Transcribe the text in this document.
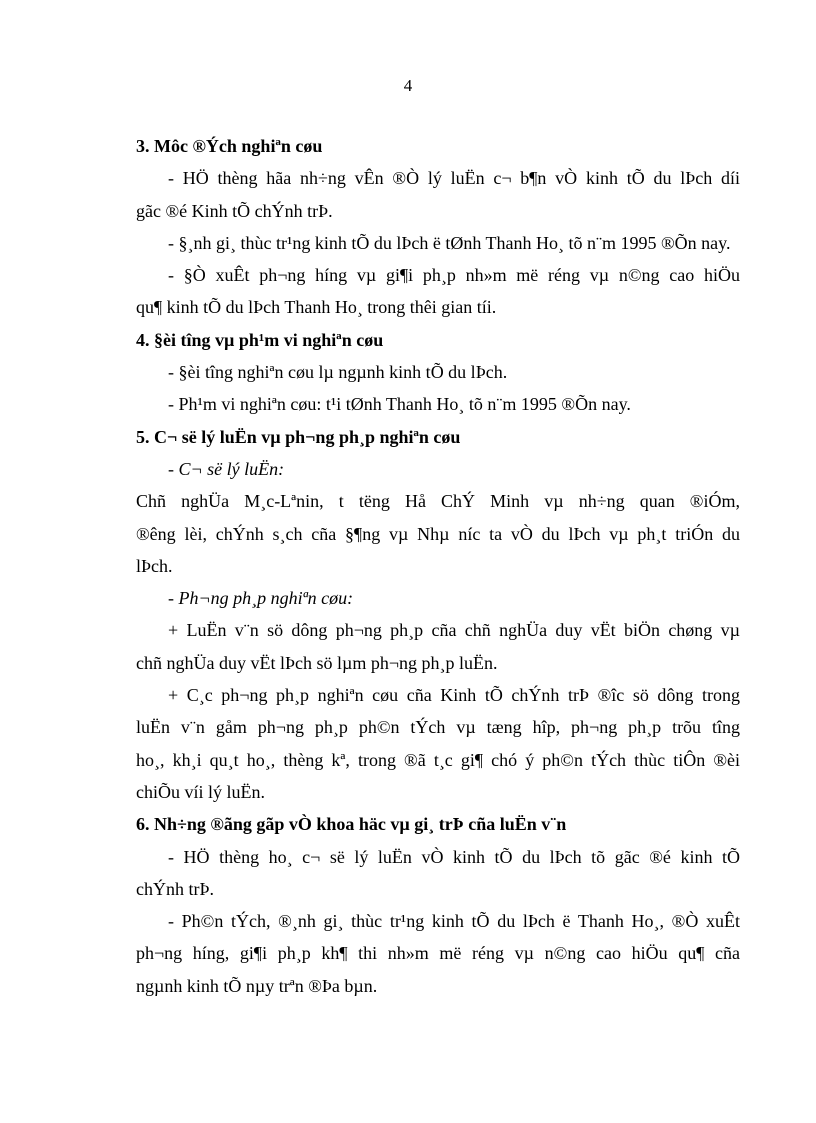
4
3. Môc ®Ých nghiªn cøu
- HÖ thèng hãa nh÷ng vÊn ®Ò lý luËn c¬ b¶n vÒ kinh tÕ du lÞch díi
gãc ®é Kinh tÕ chÝnh trÞ.
- §¸nh gi¸ thùc tr¹ng kinh tÕ du lÞch ë tØnh Thanh Ho¸ tõ n¨m 1995 ®Õn nay.
- §Ò xuÊt ph¬ng híng vµ gi¶i ph¸p nh»m më réng vµ n©ng cao hiÖu
qu¶ kinh tÕ du lÞch Thanh Ho¸ trong thêi gian tíi.
4. §èi tîng vµ ph¹m vi nghiªn cøu
- §èi tîng nghiªn cøu lµ ngµnh kinh tÕ du lÞch.
- Ph¹m vi nghiªn cøu: t¹i tØnh Thanh Ho¸ tõ n¨m 1995 ®Õn nay.
5. C¬ së lý luËn vµ ph¬ng ph¸p nghiªn cøu
- C¬ së lý luËn:
Chñ nghÜa M¸c-Lªnin, t tëng Hå ChÝ Minh vµ nh÷ng quan ®iÓm,
®êng lèi, chÝnh s¸ch cña §¶ng vµ Nhµ níc ta vÒ du lÞch vµ ph¸t triÓn du
lÞch.
- Ph¬ng ph¸p nghiªn cøu:
+ LuËn v¨n sö dông ph¬ng ph¸p cña chñ nghÜa duy vËt biÖn chøng vµ
chñ nghÜa duy vËt lÞch sö lµm ph¬ng ph¸p luËn.
+ C¸c ph¬ng ph¸p nghiªn cøu cña Kinh tÕ chÝnh trÞ ®îc sö dông trong
luËn v¨n gåm ph¬ng ph¸p ph©n tÝch vµ tæng hîp, ph¬ng ph¸p trõu tîng
ho¸, kh¸i qu¸t ho¸, thèng kª, trong ®ã t¸c gi¶ chó ý ph©n tÝch thùc tiÔn ®èi
chiÕu víi lý luËn.
6. Nh÷ng ®ãng gãp vÒ khoa häc vµ gi¸ trÞ cña luËn v¨n
- HÖ thèng ho¸ c¬ së lý luËn vÒ kinh tÕ du lÞch tõ gãc ®é kinh tÕ
chÝnh trÞ.
- Ph©n tÝch, ®¸nh gi¸ thùc tr¹ng kinh tÕ du lÞch ë Thanh Ho¸, ®Ò xuÊt
ph¬ng híng, gi¶i ph¸p kh¶ thi nh»m më réng vµ n©ng cao hiÖu qu¶ cña
ngµnh kinh tÕ nµy trªn ®Þa bµn.
